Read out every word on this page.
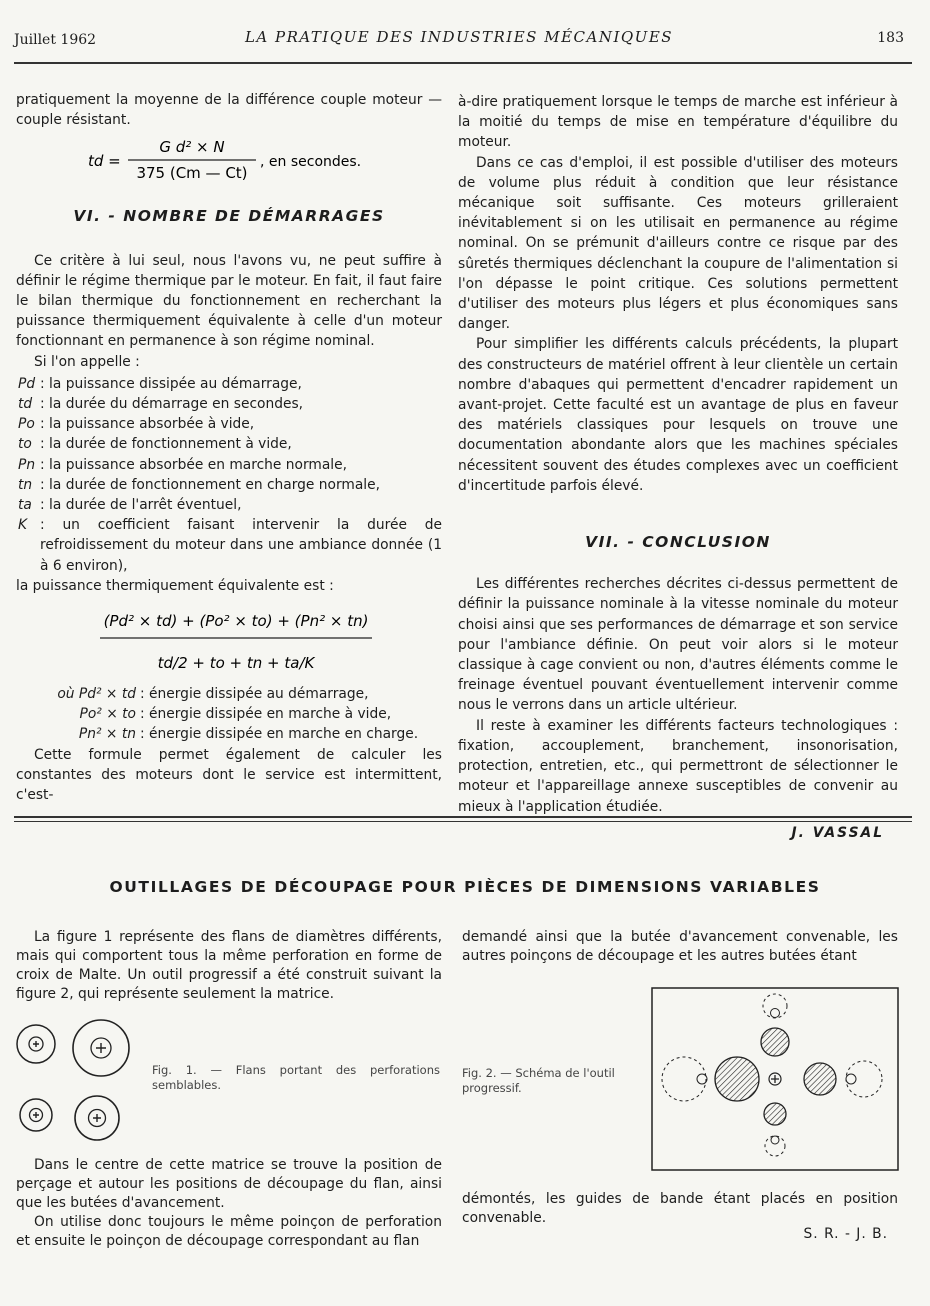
Juillet 1962	LA PRATIQUE DES INDUSTRIES MÉCANIQUES	183

pratiquement la moyenne de la différence couple moteur — couple résistant.

td =
G d² × N
375 (Cm — Ct)
, en secondes.
VI. - NOMBRE DE DÉMARRAGES

Ce critère à lui seul, nous l'avons vu, ne peut suffire à définir le régime thermique par le moteur. En fait, il faut faire le bilan thermique du fonctionnement en recherchant la puissance thermiquement équivalente à celle d'un moteur fonctionnant en permanence à son régime nominal.

Si l'on appelle :

Pd : la puissance dissipée au démarrage,
td : la durée du démarrage en secondes,
Po : la puissance absorbée à vide,
to : la durée de fonctionnement à vide,
Pn : la puissance absorbée en marche normale,
tn : la durée de fonctionnement en charge normale,
ta : la durée de l'arrêt éventuel,
K : un coefficient faisant intervenir la durée de refroidissement du moteur dans une ambiance donnée (1 à 6 environ),

la puissance thermiquement équivalente est :

(Pd² × td) + (Po² × to) + (Pn² × tn)
td/2 + to + tn + ta/K
où Pd² × td : énergie dissipée au démarrage,
Po² × to : énergie dissipée en marche à vide,
Pn² × tn : énergie dissipée en marche en charge.

Cette formule permet également de calculer les constantes des moteurs dont le service est intermittent, c'est-

à-dire pratiquement lorsque le temps de marche est inférieur à la moitié du temps de mise en température d'équilibre du moteur.

Dans ce cas d'emploi, il est possible d'utiliser des moteurs de volume plus réduit à condition que leur résistance mécanique soit suffisante. Ces moteurs grilleraient inévitablement si on les utilisait en permanence au régime nominal. On se prémunit d'ailleurs contre ce risque par des sûretés thermiques déclenchant la coupure de l'alimentation si l'on dépasse le point critique. Ces solutions permettent d'utiliser des moteurs plus légers et plus économiques sans danger.

Pour simplifier les différents calculs précédents, la plupart des constructeurs de matériel offrent à leur clientèle un certain nombre d'abaques qui permettent d'encadrer rapidement un avant-projet. Cette faculté est un avantage de plus en faveur des matériels classiques pour lesquels on trouve une documentation abondante alors que les machines spéciales nécessitent souvent des études complexes avec un coefficient d'incertitude parfois élevé.

VII. - CONCLUSION

Les différentes recherches décrites ci-dessus permettent de définir la puissance nominale à la vitesse nominale du moteur choisi ainsi que ses performances de démarrage et son service pour l'ambiance définie. On peut voir alors si le moteur classique à cage convient ou non, d'autres éléments comme le freinage éventuel pouvant éventuellement intervenir comme nous le verrons dans un article ultérieur.

Il reste à examiner les différents facteurs technologiques : fixation, accouplement, branchement, insonorisation, protection, entretien, etc., qui permettront de sélectionner le moteur et l'appareillage annexe susceptibles de convenir au mieux à l'application étudiée.

J. VASSAL
OUTILLAGES DE DÉCOUPAGE POUR PIÈCES DE DIMENSIONS VARIABLES

La figure 1 représente des flans de diamètres différents, mais qui comportent tous la même perforation en forme de croix de Malte. Un outil progressif a été construit suivant la figure 2, qui représente seulement la matrice.

Fig. 1. — Flans portant des perforations semblables.

Dans le centre de cette matrice se trouve la position de perçage et autour les positions de découpage du flan, ainsi que les butées d'avancement.
On utilise donc toujours le même poinçon de perforation et ensuite le poinçon de découpage correspondant au flan

demandé ainsi que la butée d'avancement convenable, les autres poinçons de découpage et les autres butées étant

Fig. 2. — Schéma de l'outil progressif.

démontés, les guides de bande étant placés en position convenable.

S. R. - J. B.
